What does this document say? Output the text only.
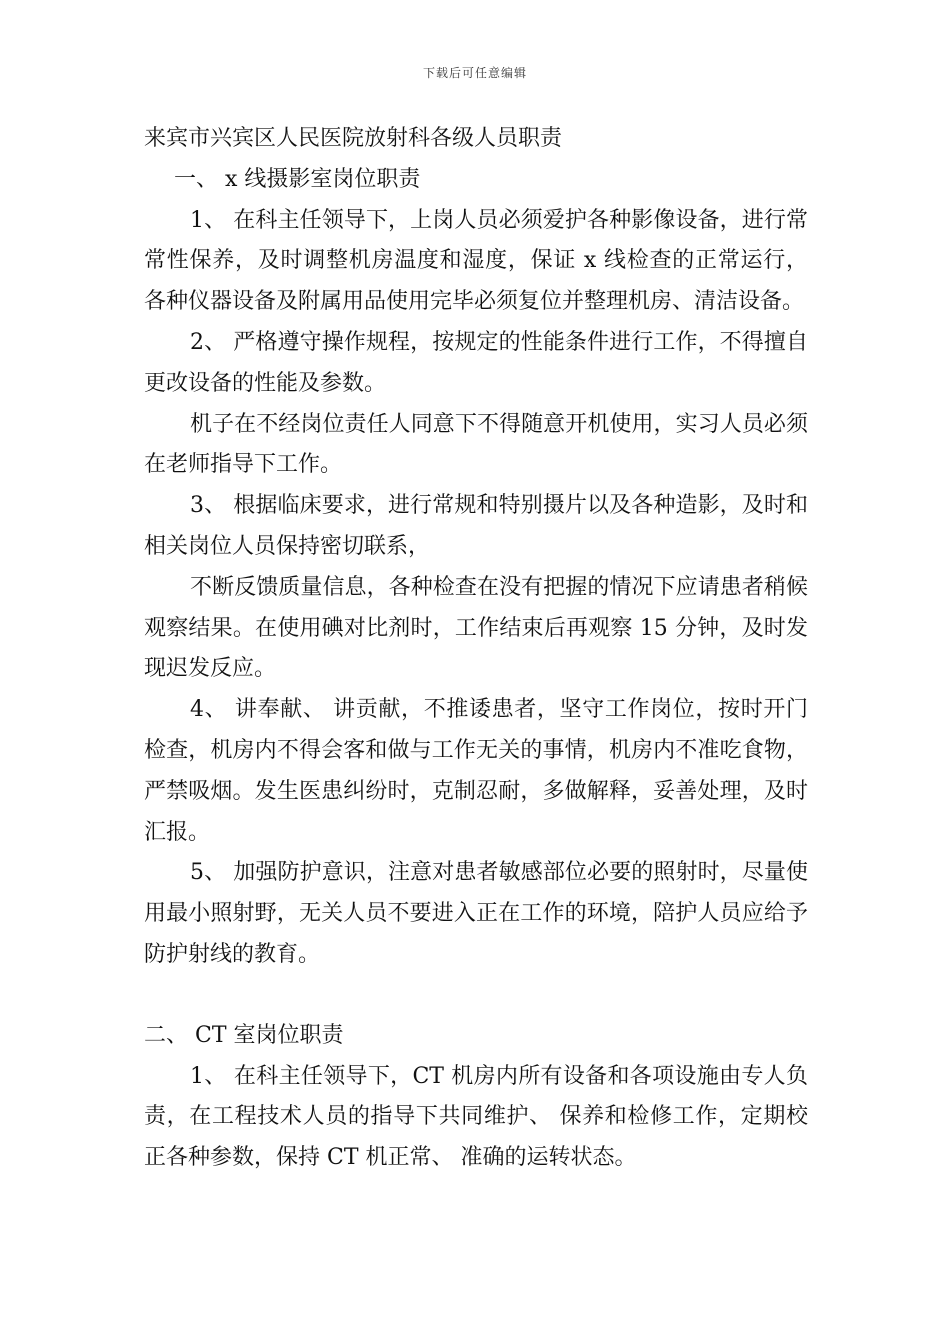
下载后可任意编辑

来宾市兴宾区人民医院放射科各级人员职责

一、 x 线摄影室岗位职责

1、 在科主任领导下，上岗人员必须爱护各种影像设备，进行常常性保养，及时调整机房温度和湿度，保证 x 线检查的正常运行，各种仪器设备及附属用品使用完毕必须复位并整理机房、清洁设备。

2、 严格遵守操作规程，按规定的性能条件进行工作，不得擅自更改设备的性能及参数。

机子在不经岗位责任人同意下不得随意开机使用，实习人员必须在老师指导下工作。

3、 根据临床要求，进行常规和特别摄片以及各种造影，及时和相关岗位人员保持密切联系，

不断反馈质量信息，各种检查在没有把握的情况下应请患者稍候观察结果。在使用碘对比剂时，工作结束后再观察 15 分钟，及时发现迟发反应。

4、 讲奉献、 讲贡献，不推诿患者，坚守工作岗位，按时开门检查，机房内不得会客和做与工作无关的事情，机房内不准吃食物，严禁吸烟。发生医患纠纷时，克制忍耐，多做解释，妥善处理，及时汇报。

5、 加强防护意识，注意对患者敏感部位必要的照射时，尽量使用最小照射野，无关人员不要进入正在工作的环境，陪护人员应给予防护射线的教育。

二、 CT 室岗位职责

1、 在科主任领导下，CT 机房内所有设备和各项设施由专人负责，在工程技术人员的指导下共同维护、 保养和检修工作，定期校正各种参数，保持 CT 机正常、 准确的运转状态。
